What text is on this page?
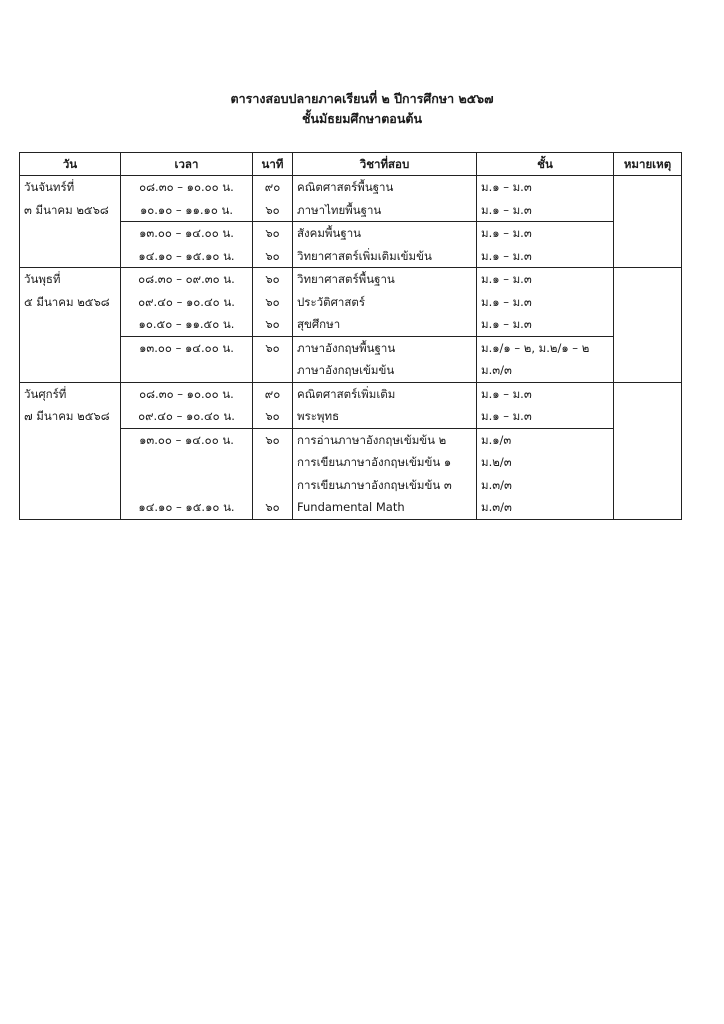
ตารางสอบปลายภาคเรียนที่ ๒ ปีการศึกษา ๒๕๖๗
ชั้นมัธยมศึกษาตอนต้น
วัน	เวลา	นาที	วิชาที่สอบ	ชั้น	หมายเหตุ
วันจันทร์ที่	๐๘.๓๐ – ๑๐.๐๐ น.	๙๐	คณิตศาสตร์พื้นฐาน	ม.๑ – ม.๓	
๓ มีนาคม ๒๕๖๘	๑๐.๑๐ – ๑๑.๑๐ น.	๖๐	ภาษาไทยพื้นฐาน	ม.๑ – ม.๓	
	๑๓.๐๐ – ๑๔.๐๐ น.	๖๐	สังคมพื้นฐาน	ม.๑ – ม.๓	
	๑๔.๑๐ – ๑๕.๑๐ น.	๖๐	วิทยาศาสตร์เพิ่มเติมเข้มข้น	ม.๑ – ม.๓	
วันพุธที่	๐๘.๓๐ – ๐๙.๓๐ น.	๖๐	วิทยาศาสตร์พื้นฐาน	ม.๑ – ม.๓	
๕ มีนาคม ๒๕๖๘	๐๙.๔๐ – ๑๐.๔๐ น.	๖๐	ประวัติศาสตร์	ม.๑ – ม.๓	
	๑๐.๕๐ – ๑๑.๕๐ น.	๖๐	สุขศึกษา	ม.๑ – ม.๓	
	๑๓.๐๐ – ๑๔.๐๐ น.	๖๐	ภาษาอังกฤษพื้นฐาน	ม.๑/๑ – ๒, ม.๒/๑ – ๒	
			ภาษาอังกฤษเข้มข้น	ม.๓/๓	
วันศุกร์ที่	๐๘.๓๐ – ๑๐.๐๐ น.	๙๐	คณิตศาสตร์เพิ่มเติม	ม.๑ – ม.๓	
๗ มีนาคม ๒๕๖๘	๐๙.๔๐ – ๑๐.๔๐ น.	๖๐	พระพุทธ	ม.๑ – ม.๓	
	๑๓.๐๐ – ๑๔.๐๐ น.	๖๐	การอ่านภาษาอังกฤษเข้มข้น ๒	ม.๑/๓	
			การเขียนภาษาอังกฤษเข้มข้น ๑	ม.๒/๓	
			การเขียนภาษาอังกฤษเข้มข้น ๓	ม.๓/๓	
	๑๔.๑๐ – ๑๕.๑๐ น.	๖๐	Fundamental Math	ม.๓/๓	
